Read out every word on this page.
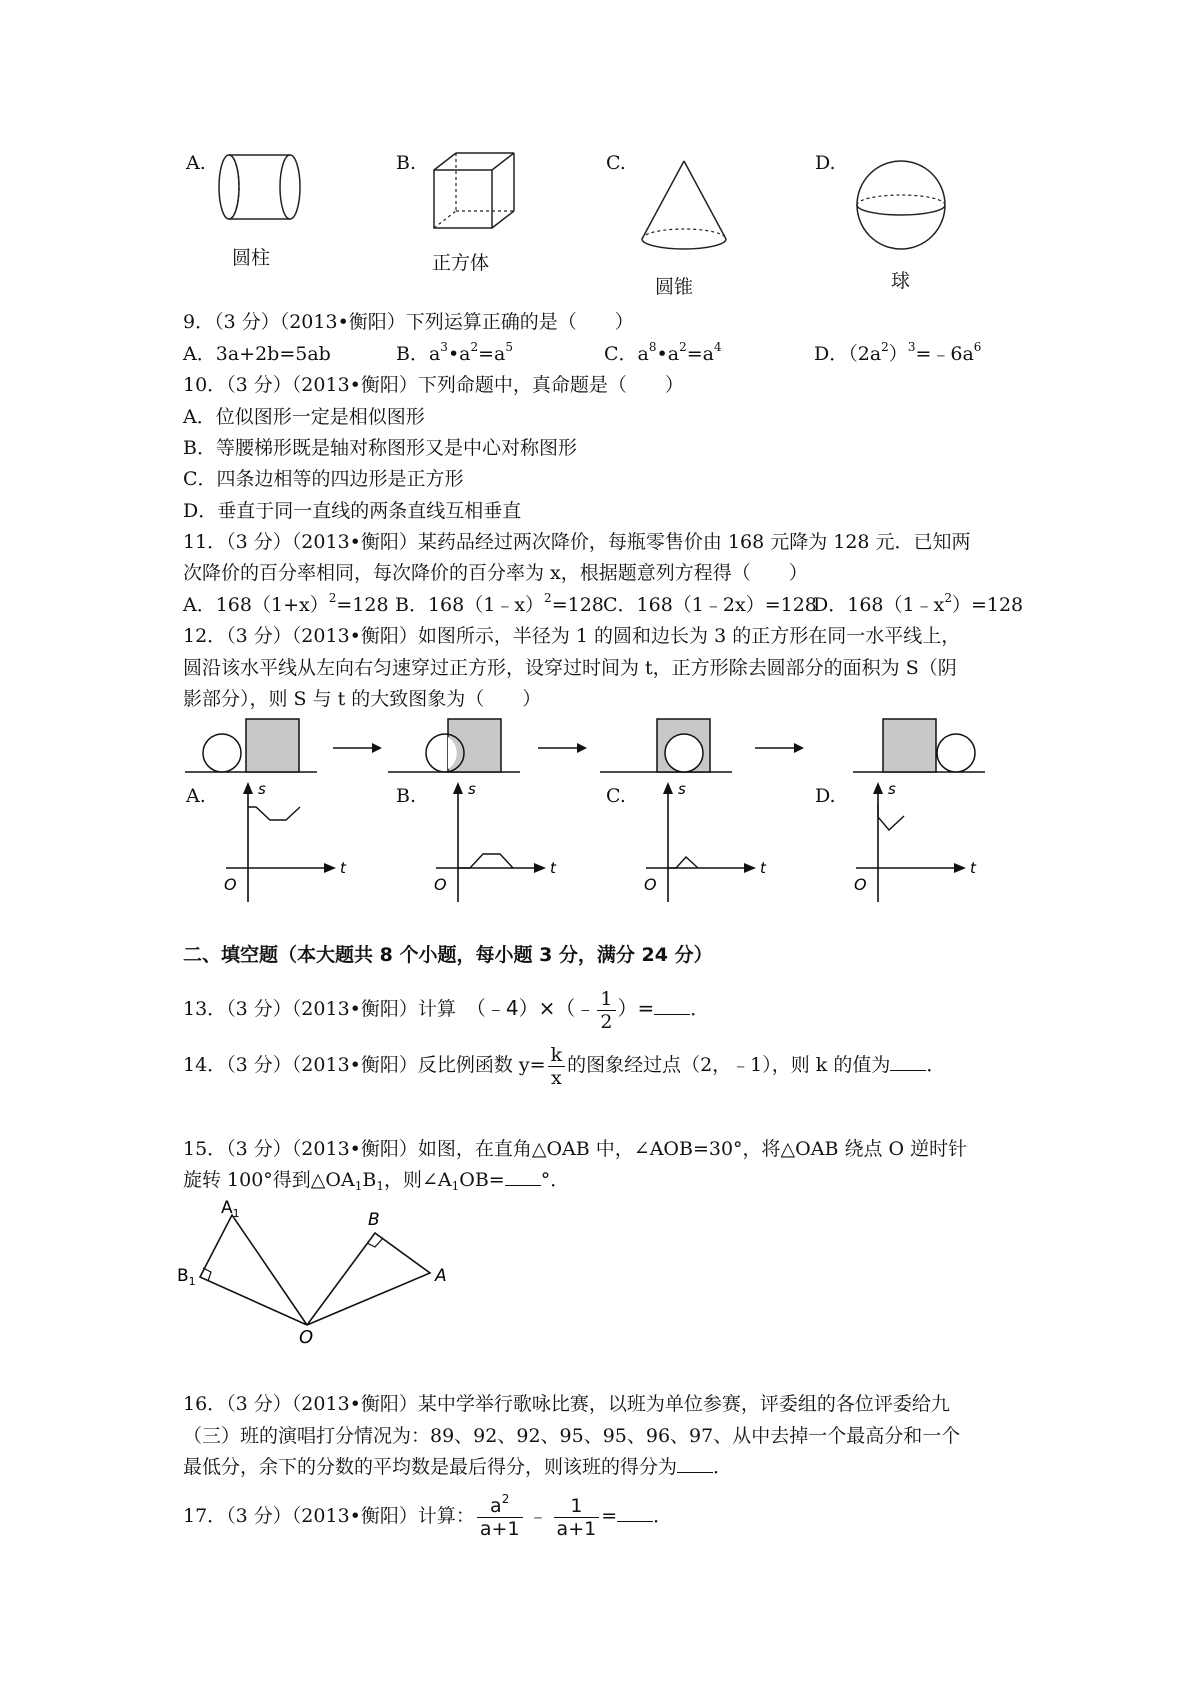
A.	B.	C.	D.
圆柱	正方体
圆锥	球
9．（3 分）（2013•衡阳）下列运算正确的是（　　）
A．3a+2b=5ab	B．$a^3•a^2=a^5$	C．$a^8•a^2=a^4$	D．$(2a^2)^3=﹣6a^6$
10．（3 分）（2013•衡阳）下列命题中，真命题是（　　）
A．位似图形一定是相似图形
B．等腰梯形既是轴对称图形又是中心对称图形
C．四条边相等的四边形是正方形
D．垂直于同一直线的两条直线互相垂直
11．（3 分）（2013•衡阳）某药品经过两次降价，每瓶零售价由 168 元降为 128 元．已知两
次降价的百分率相同，每次降价的百分率为 x，根据题意列方程得（　　）
A．$168(1+x)^2=128$ B．168（1﹣x）$^2$=128 C．168（1﹣2x）=128
D．$168(1﹣x^2)=128$
12．（3 分）（2013•衡阳）如图所示，半径为 1 的圆和边长为 3 的正方形在同一水平线上，
圆沿该水平线从左向右匀速穿过正方形，设穿过时间为 t，正方形除去圆部分的面积为 S（阴
影部分），则 S 与 t 的大致图象为（　　）
A.	B.	C.	D.
s
t
O
s
t
O
s
t
O
s
t
O
二、填空题（本大题共 8 个小题，每小题 3 分，满分 24 分）
13．（3 分）（2013•衡阳）计算 （﹣4）×（﹣ $\frac{1}{2}$ ）= ．
14．（3 分）（2013•衡阳）反比例函数 $y= \frac{k}{x}$ 的图象经过点（2，﹣1），则 k 的值为 ．
15．（3 分）（2013•衡阳）如图，在直角△OAB 中，∠AOB=30°，将△OAB 绕点 O 逆时针
旋转 100°得到$\triangle OA_1B_1$，则$\angle A_1OB=$ °．
$A_1$
$B_1$
B
A
O
16．（3 分）（2013•衡阳）某中学举行歌咏比赛，以班为单位参赛，评委组的各位评委给九
（三）班的演唱打分情况为：89、92、92、95、95、96、97、从中去掉一个最高分和一个
最低分，余下的分数的平均数是最后得分，则该班的得分为 ．
17．（3 分）（2013•衡阳）计算： $\frac{a^2}{a+1}$ ﹣ $\frac{1}{a+1}$ = ．
